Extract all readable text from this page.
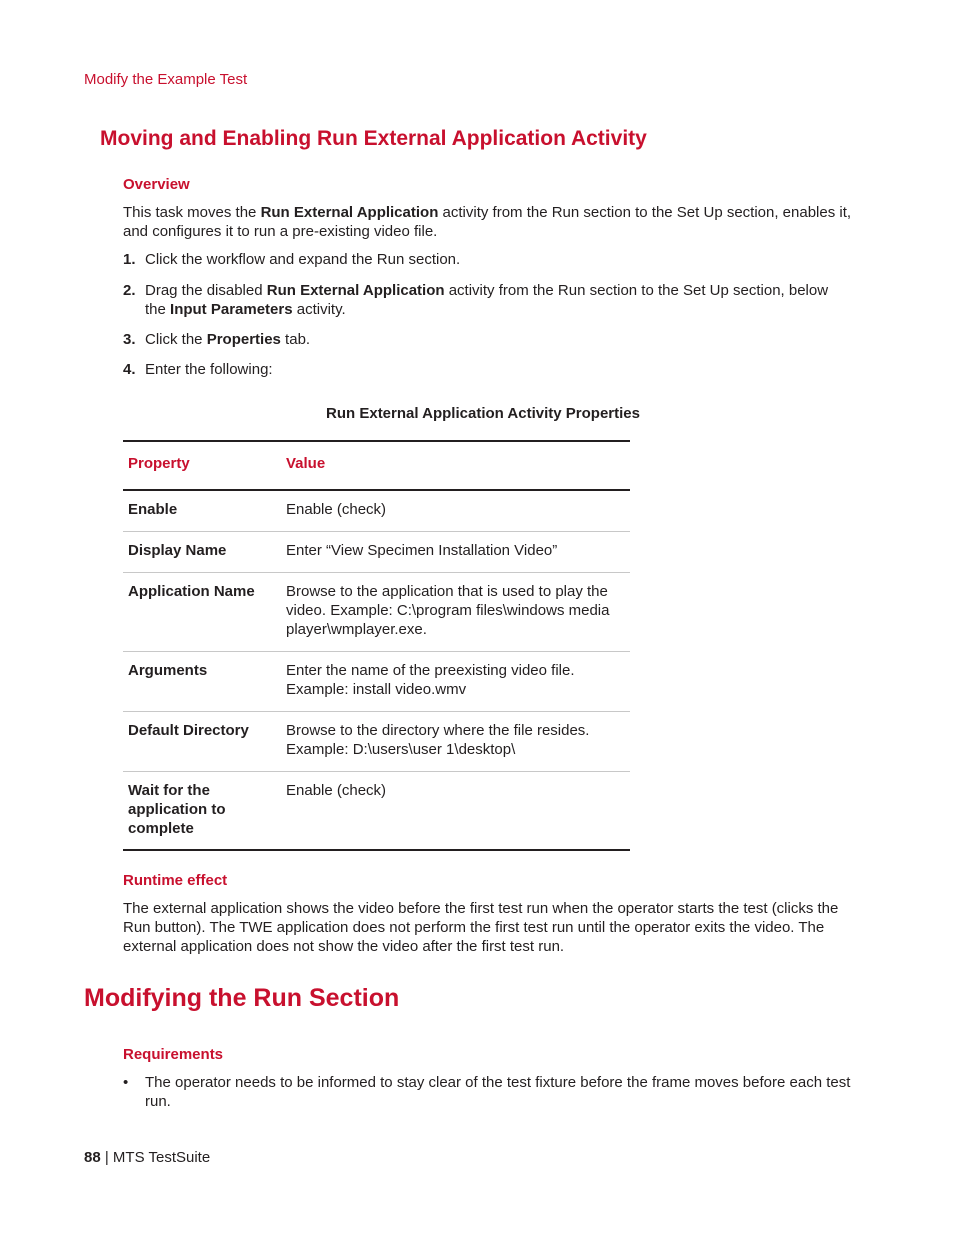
Modify the Example Test
Moving and Enabling Run External Application Activity
Overview
This task moves the Run External Application activity from the Run section to the Set Up section, enables it, and configures it to run a pre-existing video file.
1. Click the workflow and expand the Run section.
2. Drag the disabled Run External Application activity from the Run section to the Set Up section, below the Input Parameters activity.
3. Click the Properties tab.
4. Enter the following:
Run External Application Activity Properties
Property	Value
Enable	Enable (check)
Display Name	Enter “View Specimen Installation Video”
Application Name	Browse to the application that is used to play the video. Example: C:\program files\windows media player\wmplayer.exe.
Arguments	Enter the name of the preexisting video file. Example: install video.wmv
Default Directory	Browse to the directory where the file resides. Example: D:\users\user 1\desktop\
Wait for the application to complete	Enable (check)
Runtime effect
The external application shows the video before the first test run when the operator starts the test (clicks the Run button). The TWE application does not perform the first test run until the operator exits the video. The external application does not show the video after the first test run.
Modifying the Run Section
Requirements
• The operator needs to be informed to stay clear of the test fixture before the frame moves before each test run.
88 | MTS TestSuite
